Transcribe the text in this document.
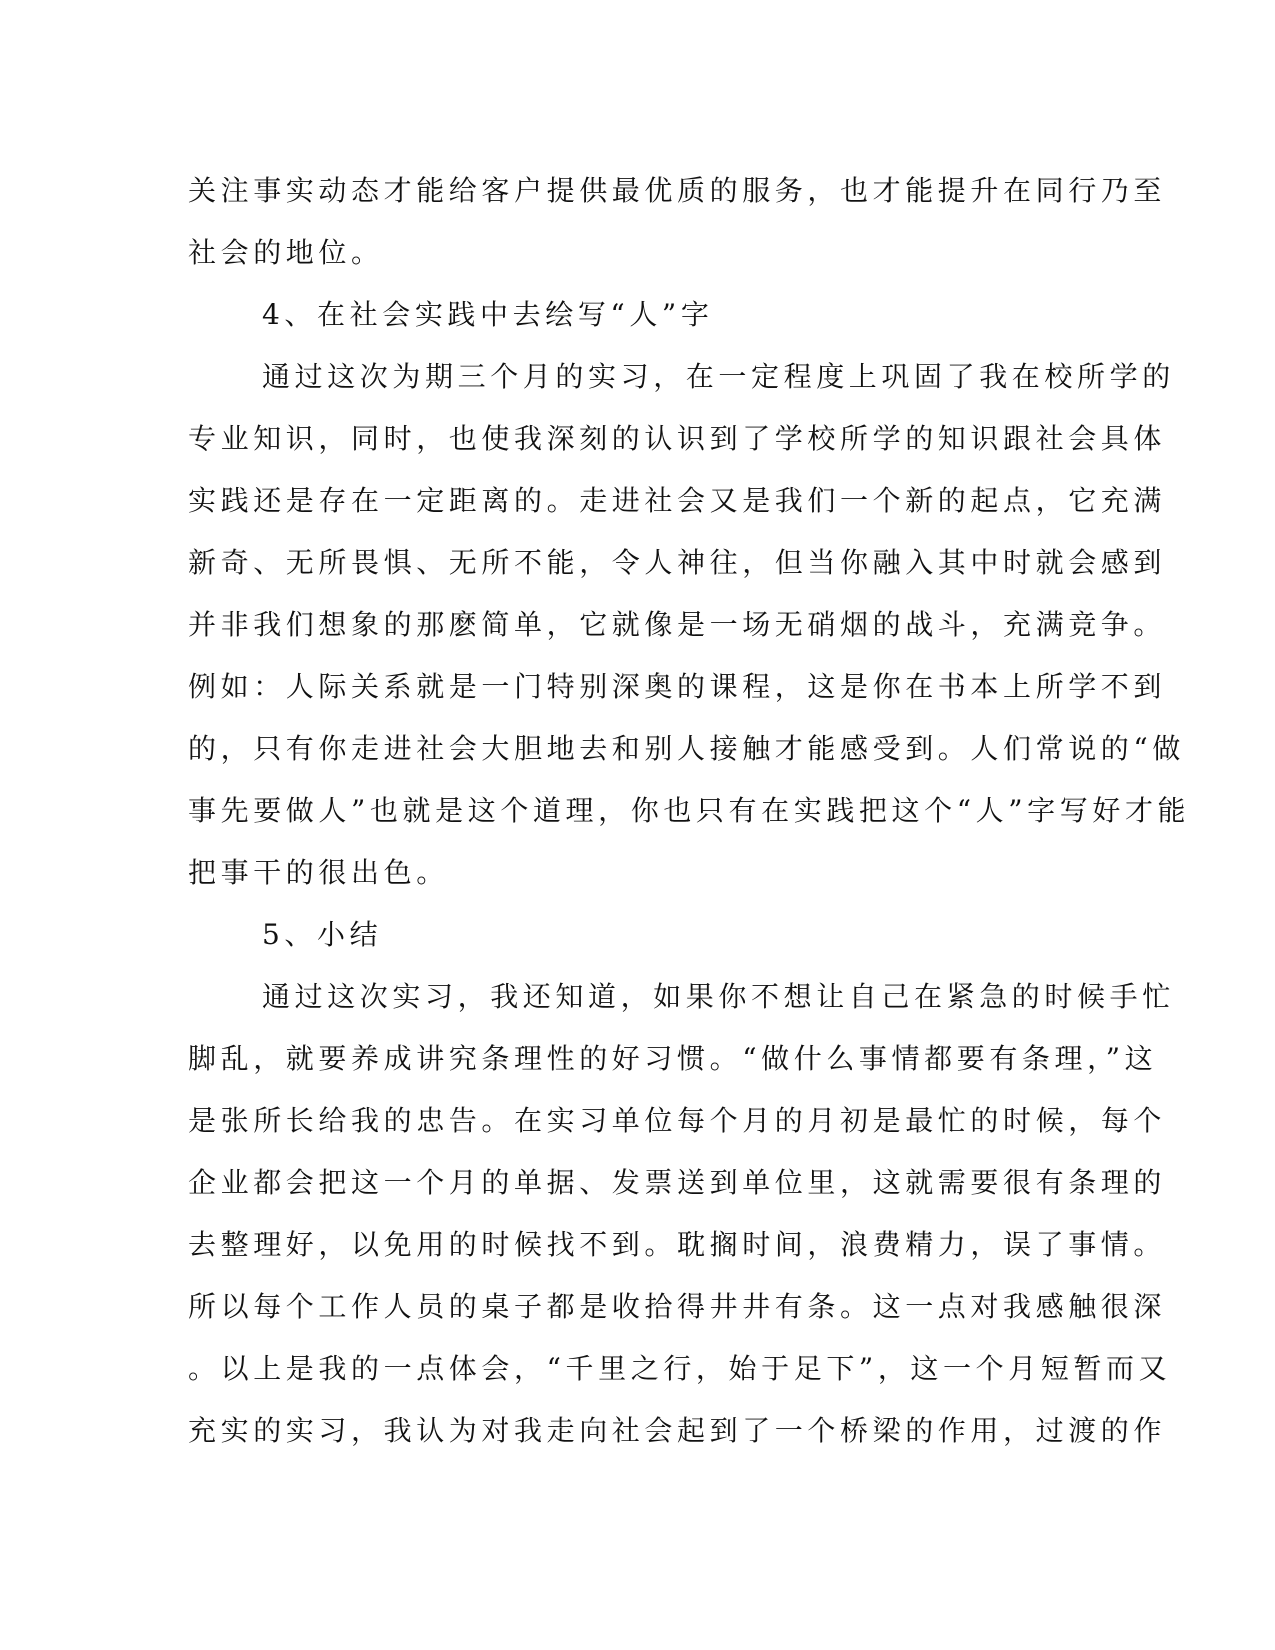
关注事实动态才能给客户提供最优质的服务，也才能提升在同行乃至
社会的地位。
4、在社会实践中去绘写“人”字
通过这次为期三个月的实习，在一定程度上巩固了我在校所学的
专业知识，同时，也使我深刻的认识到了学校所学的知识跟社会具体
实践还是存在一定距离的。走进社会又是我们一个新的起点，它充满
新奇、无所畏惧、无所不能，令人神往，但当你融入其中时就会感到
并非我们想象的那麽简单，它就像是一场无硝烟的战斗，充满竞争。
例如：人际关系就是一门特别深奥的课程，这是你在书本上所学不到
的，只有你走进社会大胆地去和别人接触才能感受到。人们常说的“做
事先要做人”也就是这个道理，你也只有在实践把这个“人”字写好才能
把事干的很出色。
5、小结
通过这次实习，我还知道，如果你不想让自己在紧急的时候手忙
脚乱，就要养成讲究条理性的好习惯。“做什么事情都要有条理，”这
是张所长给我的忠告。在实习单位每个月的月初是最忙的时候，每个
企业都会把这一个月的单据、发票送到单位里，这就需要很有条理的
去整理好，以免用的时候找不到。耽搁时间，浪费精力，误了事情。
所以每个工作人员的桌子都是收拾得井井有条。这一点对我感触很深
。以上是我的一点体会，“千里之行，始于足下”，这一个月短暂而又
充实的实习，我认为对我走向社会起到了一个桥梁的作用，过渡的作
